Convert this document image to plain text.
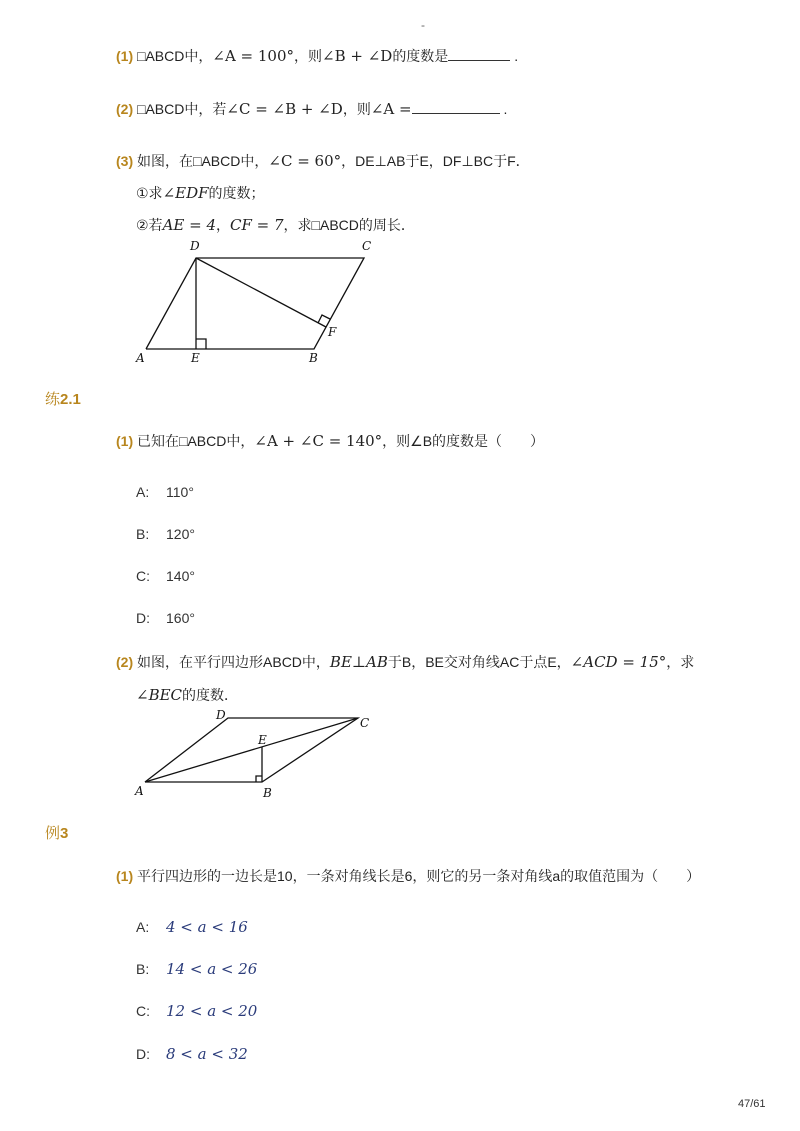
-
(1) □ABCD中，∠A = 100°，则∠B + ∠D的度数是	.
(2) □ABCD中，若∠C = ∠B + ∠D，则∠A =	.
(3) 如图，在□ABCD中，∠C = 60°，DE⊥AB于E，DF⊥BC于F．
①求∠EDF的度数；
②若AE = 4，CF = 7，求□ABCD的周长．
D	C
A	E	B
F
练2.1
(1) 已知在□ABCD中，∠A + ∠C = 140°，则∠B的度数是（　　）
A: 110°
B: 120°
C: 140°
D: 160°
(2) 如图，在平行四边形ABCD中，BE⊥AB于B，BE交对角线AC于点E，∠ACD = 15°，求
∠BEC的度数．
D
C
E
A	B
例3
(1) 平行四边形的一边长是10，一条对角线长是6，则它的另一条对角线a的取值范围为（　　）
A: 4 < a < 16
B: 14 < a < 26
C: 12 < a < 20
D: 8 < a < 32
47/61
